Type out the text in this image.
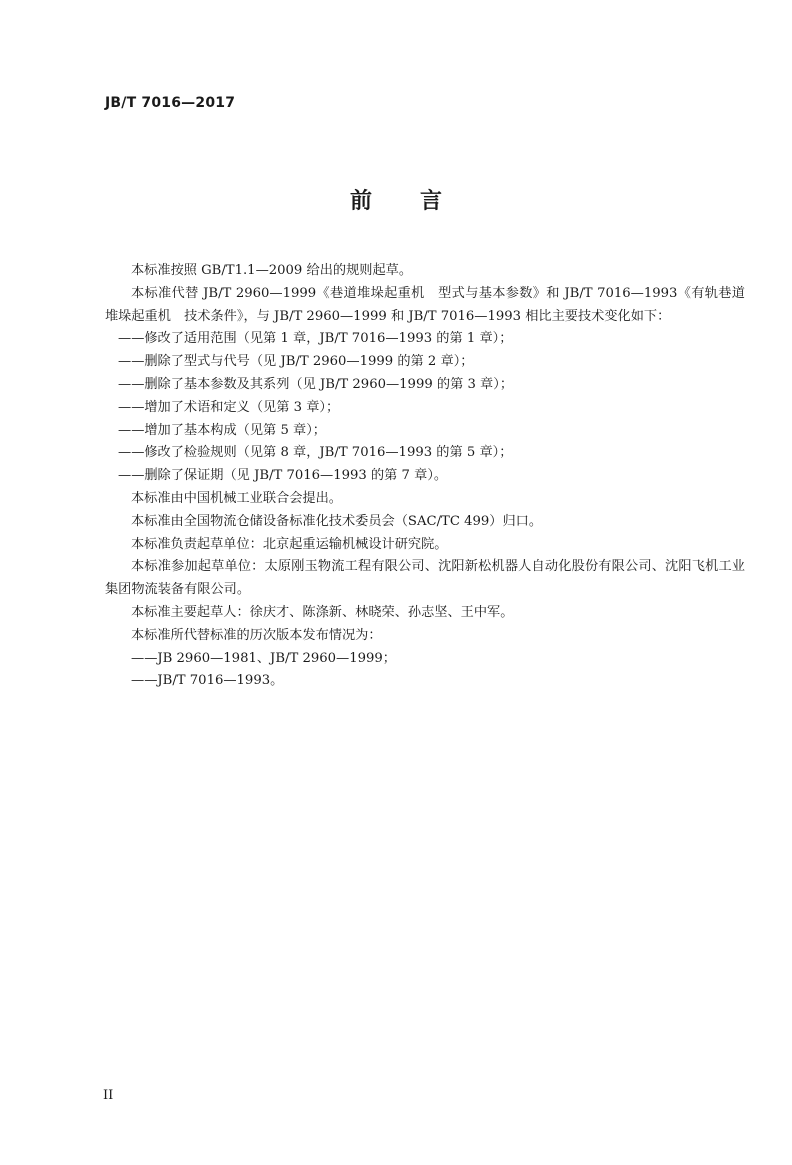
JB/T 7016—2017
前言

本标准按照 GB/T1.1—2009 给出的规则起草。

本标准代替 JB/T 2960—1999《巷道堆垛起重机　型式与基本参数》和 JB/T 7016—1993《有轨巷道堆垛起重机　技术条件》，与 JB/T 2960—1999 和 JB/T 7016—1993 相比主要技术变化如下：

——修改了适用范围（见第 1 章，JB/T 7016—1993 的第 1 章）；

——删除了型式与代号（见 JB/T 2960—1999 的第 2 章）；

——删除了基本参数及其系列（见 JB/T 2960—1999 的第 3 章）；

——增加了术语和定义（见第 3 章）；

——增加了基本构成（见第 5 章）；

——修改了检验规则（见第 8 章，JB/T 7016—1993 的第 5 章）；

——删除了保证期（见 JB/T 7016—1993 的第 7 章）。

本标准由中国机械工业联合会提出。

本标准由全国物流仓储设备标准化技术委员会（SAC/TC 499）归口。

本标准负责起草单位：北京起重运输机械设计研究院。

本标准参加起草单位：太原刚玉物流工程有限公司、沈阳新松机器人自动化股份有限公司、沈阳飞机工业集团物流装备有限公司。

本标准主要起草人：徐庆才、陈涤新、林晓荣、孙志坚、王中军。

本标准所代替标准的历次版本发布情况为：

——JB 2960—1981、JB/T 2960—1999；

——JB/T 7016—1993。

II
